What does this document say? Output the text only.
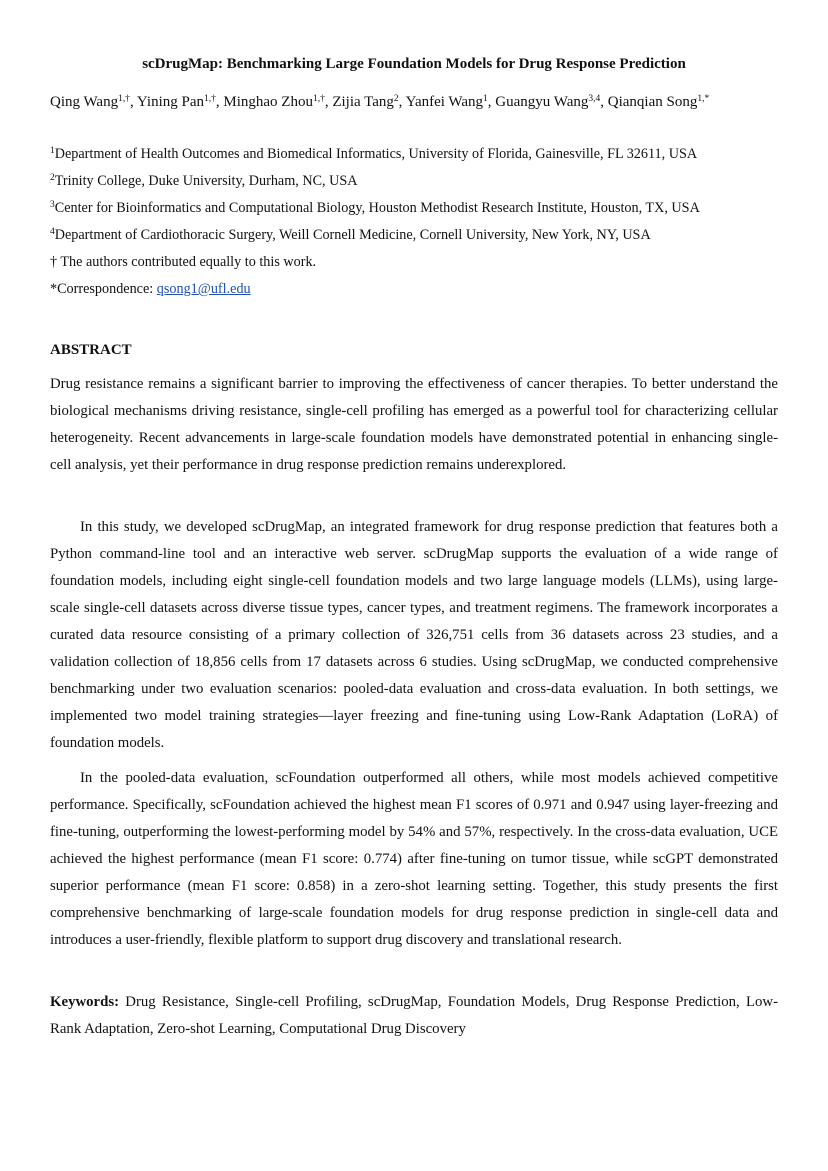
scDrugMap: Benchmarking Large Foundation Models for Drug Response Prediction
Qing Wang$^{1,\dagger}$, Yining Pan$^{1,\dagger}$, Minghao Zhou$^{1,\dagger}$, Zijia Tang$^2$, Yanfei Wang$^1$, Guangyu Wang$^{3,4}$, Qianqian Song$^{1,*}$
$^1$Department of Health Outcomes and Biomedical Informatics, University of Florida, Gainesville, FL 32611, USA
$^2$Trinity College, Duke University, Durham, NC, USA
$^3$Center for Bioinformatics and Computational Biology, Houston Methodist Research Institute, Houston, TX, USA
$^4$Department of Cardiothoracic Surgery, Weill Cornell Medicine, Cornell University, New York, NY, USA
† The authors contributed equally to this work.
*Correspondence: qsong1@ufl.edu
ABSTRACT
Drug resistance remains a significant barrier to improving the effectiveness of cancer therapies. To better understand the biological mechanisms driving resistance, single-cell profiling has emerged as a powerful tool for characterizing cellular heterogeneity. Recent advancements in large-scale foundation models have demonstrated potential in enhancing single-cell analysis, yet their performance in drug response prediction remains underexplored.
In this study, we developed scDrugMap, an integrated framework for drug response prediction that features both a Python command-line tool and an interactive web server. scDrugMap supports the evaluation of a wide range of foundation models, including eight single-cell foundation models and two large language models (LLMs), using large-scale single-cell datasets across diverse tissue types, cancer types, and treatment regimens. The framework incorporates a curated data resource consisting of a primary collection of 326,751 cells from 36 datasets across 23 studies, and a validation collection of 18,856 cells from 17 datasets across 6 studies. Using scDrugMap, we conducted comprehensive benchmarking under two evaluation scenarios: pooled-data evaluation and cross-data evaluation. In both settings, we implemented two model training strategies—layer freezing and fine-tuning using Low-Rank Adaptation (LoRA) of foundation models.
In the pooled-data evaluation, scFoundation outperformed all others, while most models achieved competitive performance. Specifically, scFoundation achieved the highest mean F1 scores of 0.971 and 0.947 using layer-freezing and fine-tuning, outperforming the lowest-performing model by 54% and 57%, respectively. In the cross-data evaluation, UCE achieved the highest performance (mean F1 score: 0.774) after fine-tuning on tumor tissue, while scGPT demonstrated superior performance (mean F1 score: 0.858) in a zero-shot learning setting. Together, this study presents the first comprehensive benchmarking of large-scale foundation models for drug response prediction in single-cell data and introduces a user-friendly, flexible platform to support drug discovery and translational research.
Keywords: Drug Resistance, Single-cell Profiling, scDrugMap, Foundation Models, Drug Response Prediction, Low-Rank Adaptation, Zero-shot Learning, Computational Drug Discovery
